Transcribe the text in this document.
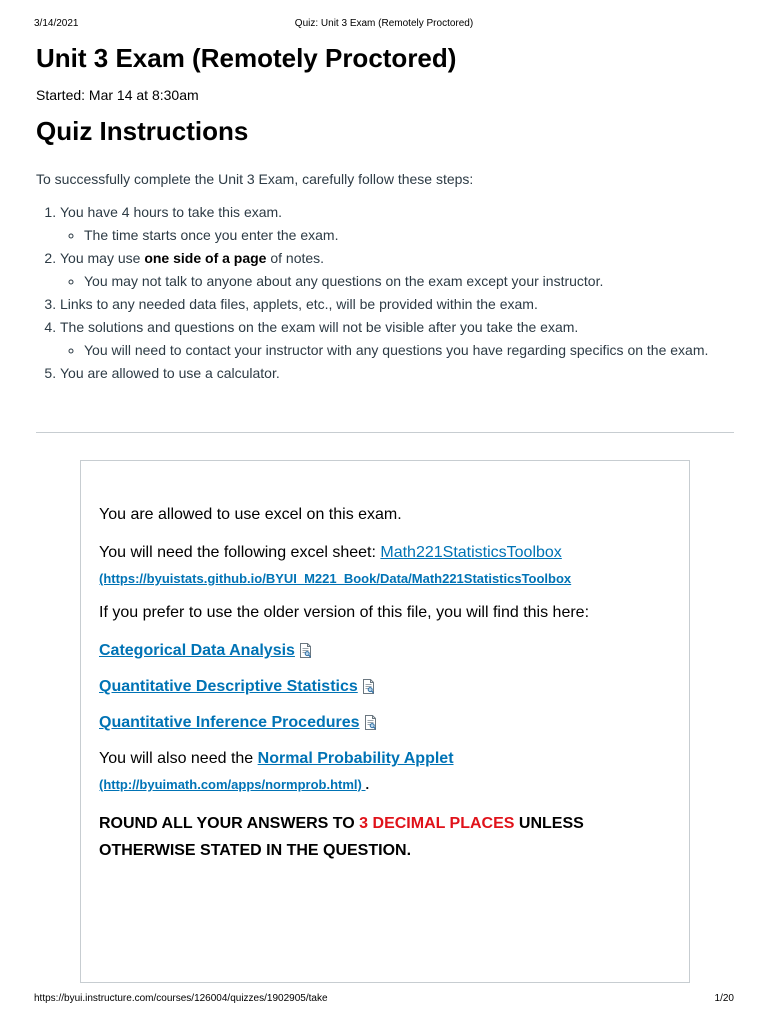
3/14/2021	Quiz: Unit 3 Exam (Remotely Proctored)
Unit 3 Exam (Remotely Proctored)
Started: Mar 14 at 8:30am
Quiz Instructions

To successfully complete the Unit 3 Exam, carefully follow these steps:

1. You have 4 hours to take this exam.
◦ The time starts once you enter the exam.
2. You may use one side of a page of notes.
◦ You may not talk to anyone about any questions on the exam except your instructor.
3. Links to any needed data files, applets, etc., will be provided within the exam.
4. The solutions and questions on the exam will not be visible after you take the exam.
◦ You will need to contact your instructor with any questions you have regarding specifics on the exam.
5. You are allowed to use a calculator.

You are allowed to use excel on this exam.

You will need the following excel sheet: Math221StatisticsToolbox

(https://byuistats.github.io/BYUI_M221_Book/Data/Math221StatisticsToolbox

If you prefer to use the older version of this file, you will find this here:

Categorical Data Analysis

Quantitative Descriptive Statistics

Quantitative Inference Procedures

You will also need the Normal Probability Applet

(http://byuimath.com/apps/normprob.html) .

ROUND ALL YOUR ANSWERS TO 3 DECIMAL PLACES UNLESS OTHERWISE STATED IN THE QUESTION.

https://byui.instructure.com/courses/126004/quizzes/1902905/take	1/20
